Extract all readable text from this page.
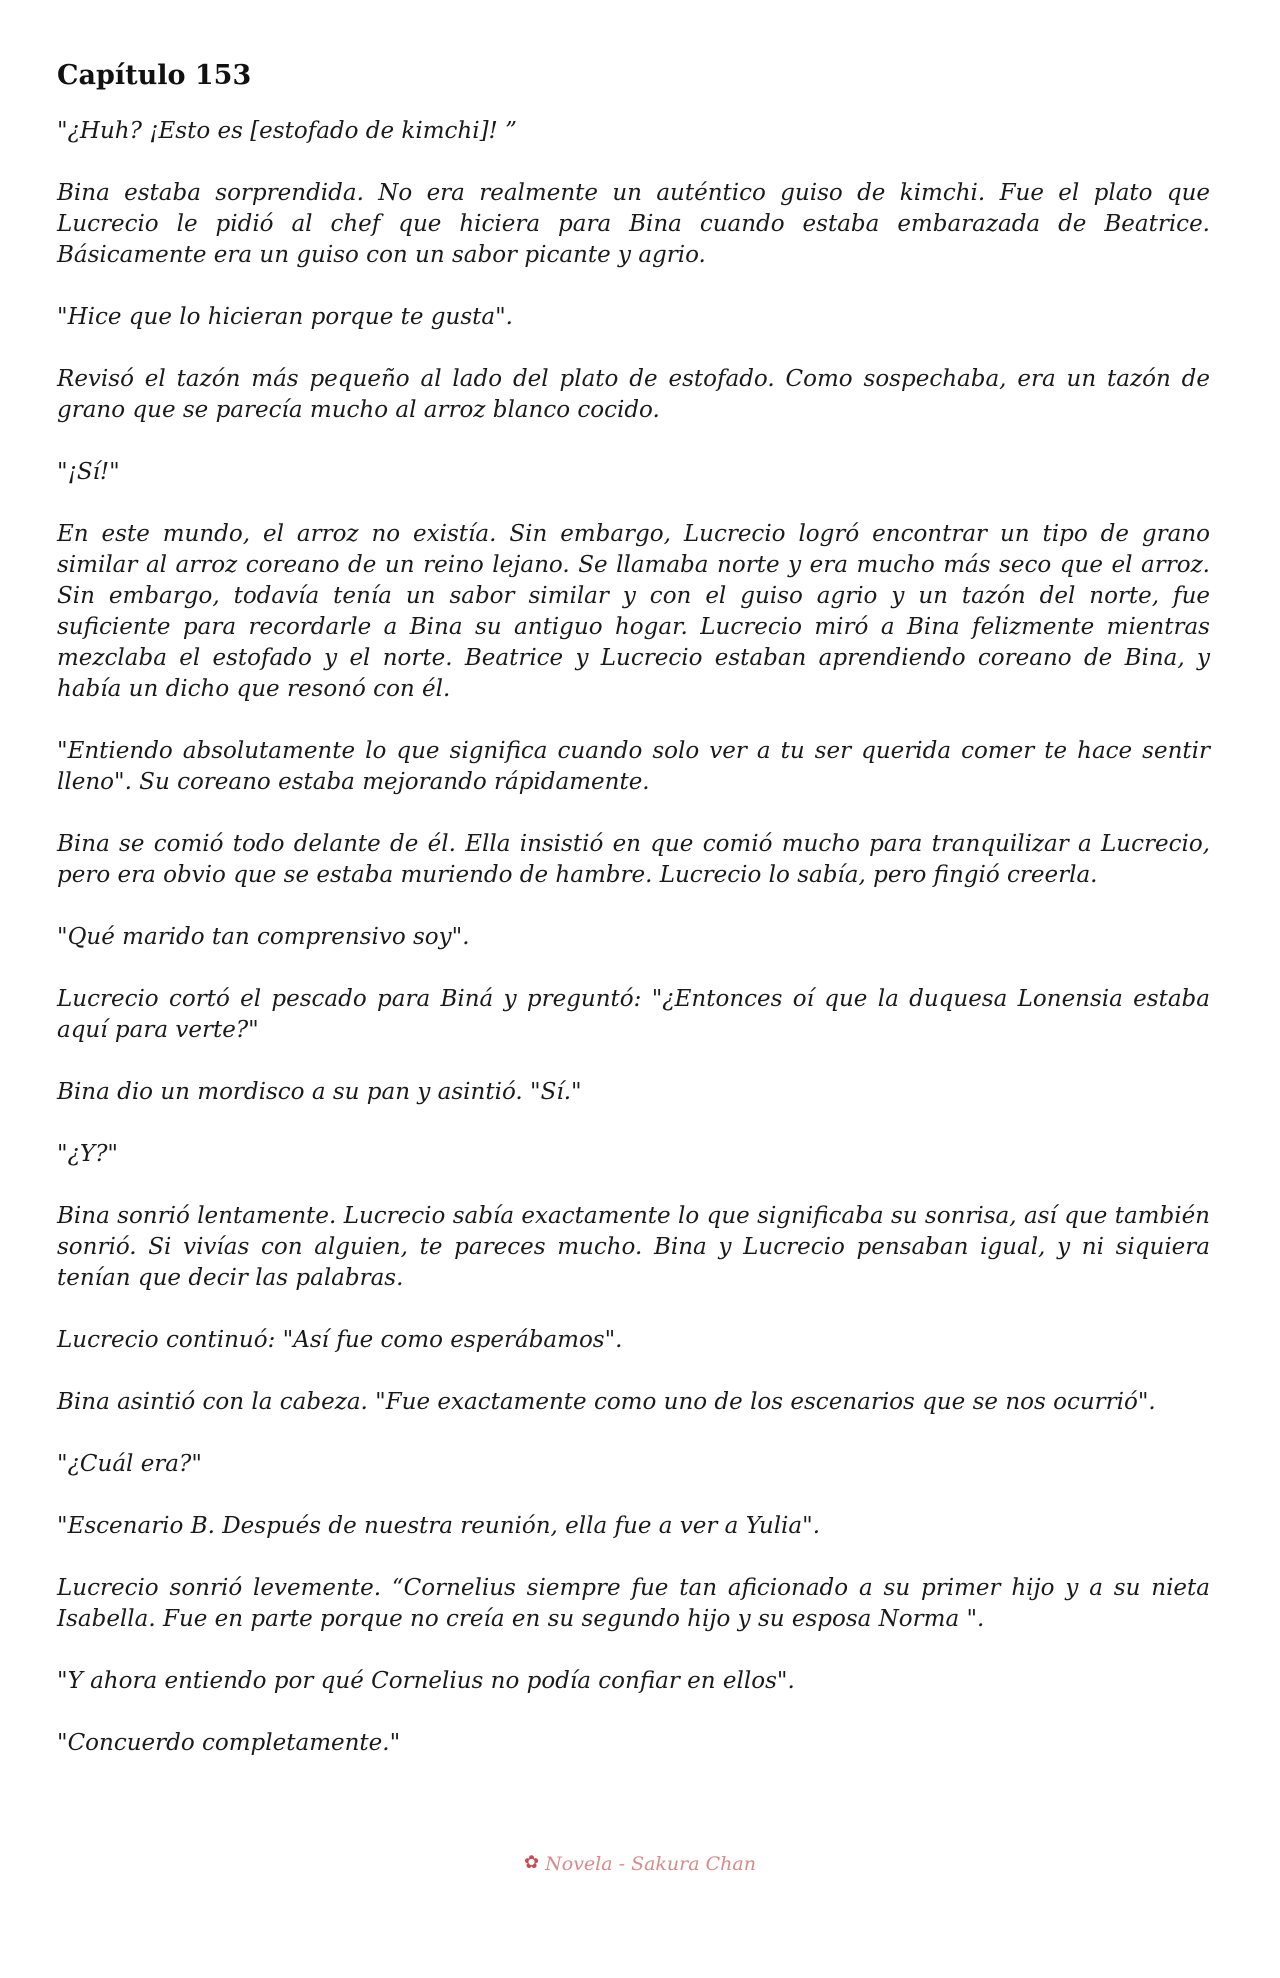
Capítulo 153

"¿Huh? ¡Esto es [estofado de kimchi]! ”

Bina estaba sorprendida. No era realmente un auténtico guiso de kimchi. Fue el plato que Lucrecio le pidió al chef que hiciera para Bina cuando estaba embarazada de Beatrice. Básicamente era un guiso con un sabor picante y agrio.

"Hice que lo hicieran porque te gusta".

Revisó el tazón más pequeño al lado del plato de estofado. Como sospechaba, era un tazón de grano que se parecía mucho al arroz blanco cocido.

"¡Sí!"

En este mundo, el arroz no existía. Sin embargo, Lucrecio logró encontrar un tipo de grano similar al arroz coreano de un reino lejano. Se llamaba norte y era mucho más seco que el arroz. Sin embargo, todavía tenía un sabor similar y con el guiso agrio y un tazón del norte, fue suficiente para recordarle a Bina su antiguo hogar. Lucrecio miró a Bina felizmente mientras mezclaba el estofado y el norte. Beatrice y Lucrecio estaban aprendiendo coreano de Bina, y había un dicho que resonó con él.

"Entiendo absolutamente lo que significa cuando solo ver a tu ser querida comer te hace sentir lleno". Su coreano estaba mejorando rápidamente.

Bina se comió todo delante de él. Ella insistió en que comió mucho para tranquilizar a Lucrecio, pero era obvio que se estaba muriendo de hambre. Lucrecio lo sabía, pero fingió creerla.

"Qué marido tan comprensivo soy".

Lucrecio cortó el pescado para Biná y preguntó: "¿Entonces oí que la duquesa Lonensia estaba aquí para verte?"

Bina dio un mordisco a su pan y asintió. "Sí."

"¿Y?"

Bina sonrió lentamente. Lucrecio sabía exactamente lo que significaba su sonrisa, así que también sonrió. Si vivías con alguien, te pareces mucho. Bina y Lucrecio pensaban igual, y ni siquiera tenían que decir las palabras.

Lucrecio continuó: "Así fue como esperábamos".

Bina asintió con la cabeza. "Fue exactamente como uno de los escenarios que se nos ocurrió".

"¿Cuál era?"

"Escenario B. Después de nuestra reunión, ella fue a ver a Yulia".

Lucrecio sonrió levemente. “Cornelius siempre fue tan aficionado a su primer hijo y a su nieta Isabella. Fue en parte porque no creía en su segundo hijo y su esposa Norma ".

"Y ahora entiendo por qué Cornelius no podía confiar en ellos".

"Concuerdo completamente."

✿ Novela - Sakura Chan
